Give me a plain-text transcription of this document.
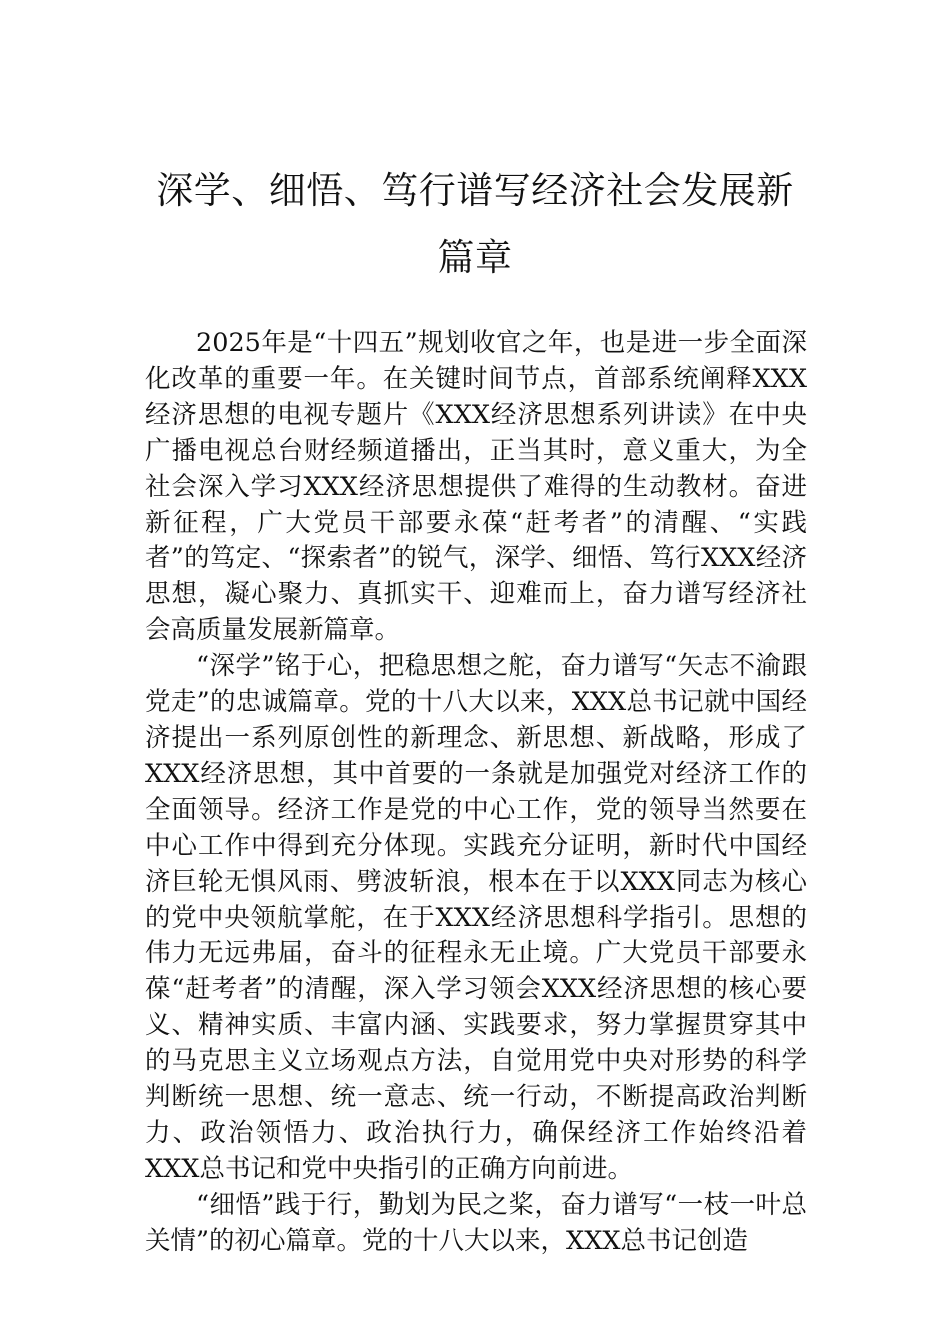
深学、细悟、笃行谱写经济社会发展新篇章

2025年是“十四五”规划收官之年，也是进一步全面深化改革的重要一年。在关键时间节点，首部系统阐释XXX经济思想的电视专题片《XXX经济思想系列讲读》在中央广播电视总台财经频道播出，正当其时，意义重大，为全社会深入学习XXX经济思想提供了难得的生动教材。奋进新征程，广大党员干部要永葆“赶考者”的清醒、“实践者”的笃定、“探索者”的锐气，深学、细悟、笃行XXX经济思想，凝心聚力、真抓实干、迎难而上，奋力谱写经济社会高质量发展新篇章。

“深学”铭于心，把稳思想之舵，奋力谱写“矢志不渝跟党走”的忠诚篇章。党的十八大以来，XXX总书记就中国经济提出一系列原创性的新理念、新思想、新战略，形成了XXX经济思想，其中首要的一条就是加强党对经济工作的全面领导。经济工作是党的中心工作，党的领导当然要在中心工作中得到充分体现。实践充分证明，新时代中国经济巨轮无惧风雨、劈波斩浪，根本在于以XXX同志为核心的党中央领航掌舵，在于XXX经济思想科学指引。思想的伟力无远弗届，奋斗的征程永无止境。广大党员干部要永葆“赶考者”的清醒，深入学习领会XXX经济思想的核心要义、精神实质、丰富内涵、实践要求，努力掌握贯穿其中的马克思主义立场观点方法，自觉用党中央对形势的科学判断统一思想、统一意志、统一行动，不断提高政治判断力、政治领悟力、政治执行力，确保经济工作始终沿着XXX总书记和党中央指引的正确方向前进。

“细悟”践于行，勤划为民之桨，奋力谱写“一枝一叶总关情”的初心篇章。党的十八大以来，XXX总书记创造
